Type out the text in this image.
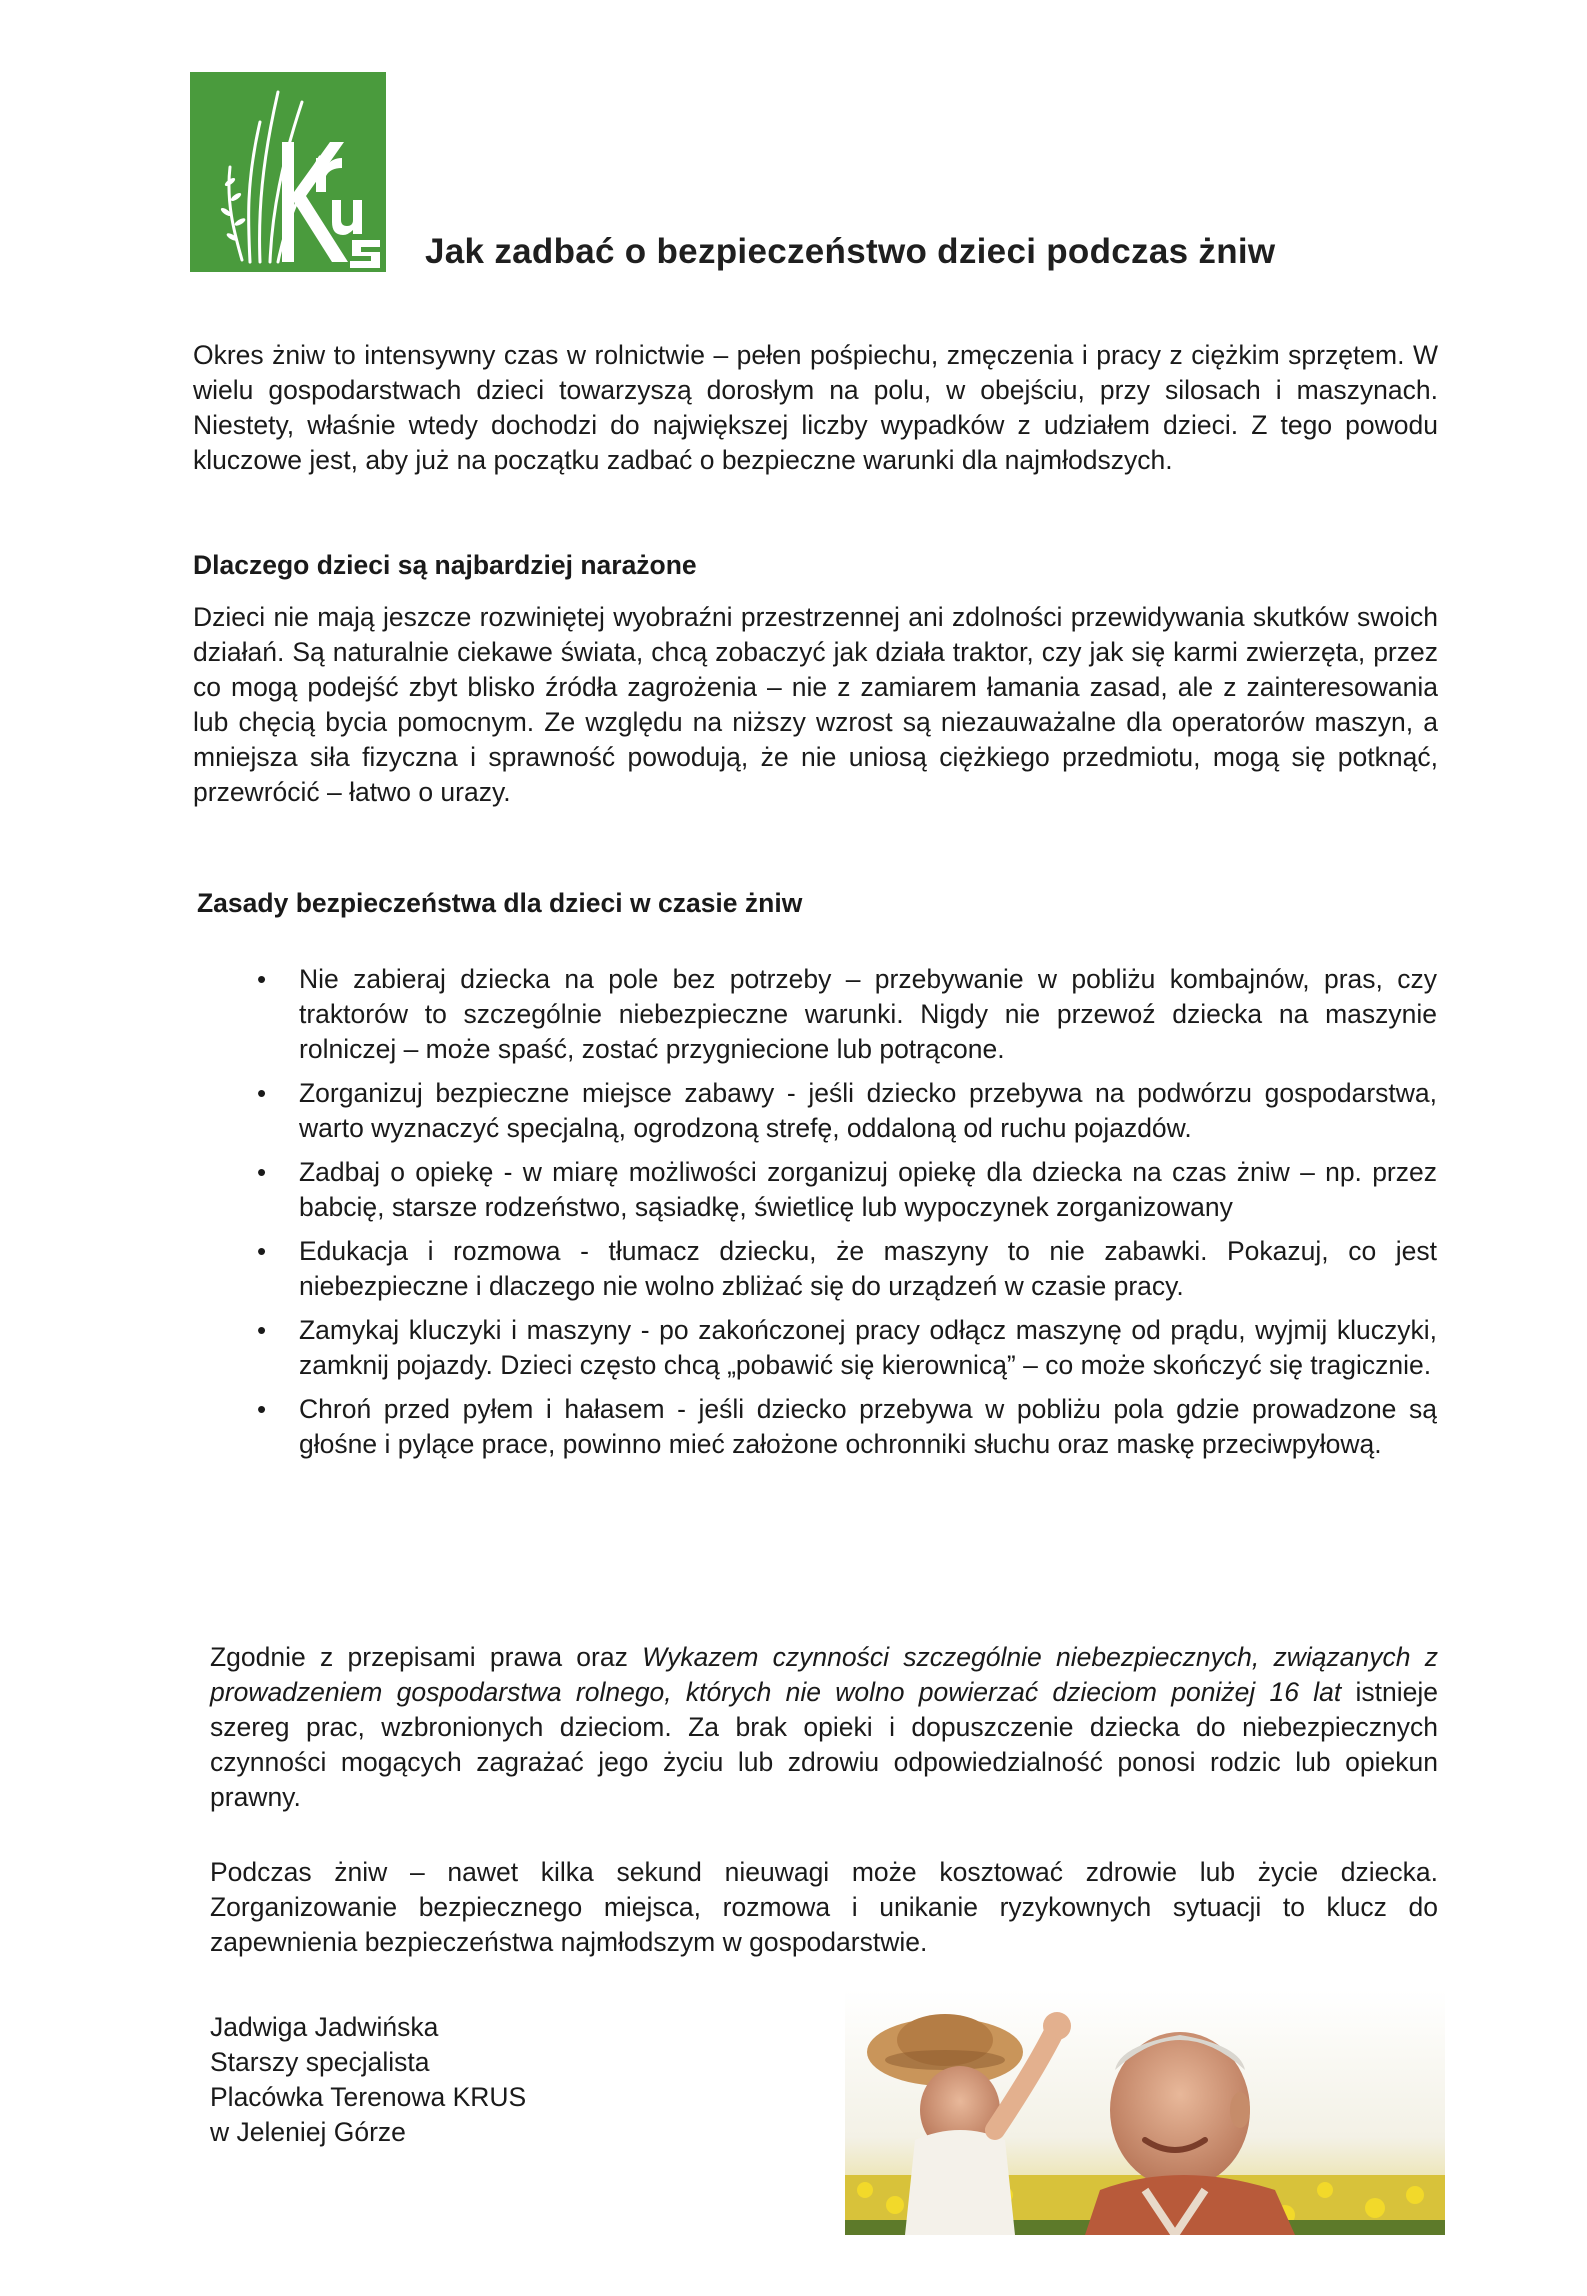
Jak zadbać o bezpieczeństwo dzieci podczas żniw

Okres żniw to intensywny czas w rolnictwie – pełen pośpiechu, zmęczenia i pracy z ciężkim sprzętem. W wielu gospodarstwach dzieci towarzyszą dorosłym na polu, w obejściu, przy silosach i maszynach. Niestety, właśnie wtedy dochodzi do największej liczby wypadków z udziałem dzieci. Z tego powodu kluczowe jest, aby już na początku zadbać o bezpieczne warunki dla najmłodszych.

Dlaczego dzieci są najbardziej narażone

Dzieci nie mają jeszcze rozwiniętej wyobraźni przestrzennej ani zdolności przewidywania skutków swoich działań. Są naturalnie ciekawe świata, chcą zobaczyć jak działa traktor, czy jak się karmi zwierzęta, przez co mogą podejść zbyt blisko źródła zagrożenia – nie z zamiarem łamania zasad, ale z zainteresowania lub chęcią bycia pomocnym. Ze względu na niższy wzrost są niezauważalne dla operatorów maszyn, a mniejsza siła fizyczna i sprawność powodują, że nie uniosą ciężkiego przedmiotu, mogą się potknąć, przewrócić – łatwo o urazy.

Zasady bezpieczeństwa dla dzieci w czasie żniw
• Nie zabieraj dziecka na pole bez potrzeby – przebywanie w pobliżu kombajnów, pras, czy traktorów to szczególnie niebezpieczne warunki. Nigdy nie przewoź dziecka na maszynie rolniczej – może spaść, zostać przygniecione lub potrącone.
• Zorganizuj bezpieczne miejsce zabawy - jeśli dziecko przebywa na podwórzu gospodarstwa, warto wyznaczyć specjalną, ogrodzoną strefę, oddaloną od ruchu pojazdów.
• Zadbaj o opiekę - w miarę możliwości zorganizuj opiekę dla dziecka na czas żniw – np. przez babcię, starsze rodzeństwo, sąsiadkę, świetlicę lub wypoczynek zorganizowany
• Edukacja i rozmowa - tłumacz dziecku, że maszyny to nie zabawki. Pokazuj, co jest niebezpieczne i dlaczego nie wolno zbliżać się do urządzeń w czasie pracy.
• Zamykaj kluczyki i maszyny - po zakończonej pracy odłącz maszynę od prądu, wyjmij kluczyki, zamknij pojazdy. Dzieci często chcą „pobawić się kierownicą” – co może skończyć się tragicznie.
• Chroń przed pyłem i hałasem - jeśli dziecko przebywa w pobliżu pola gdzie prowadzone są głośne i pylące prace, powinno mieć założone ochronniki słuchu oraz maskę przeciwpyłową.

Zgodnie z przepisami prawa oraz Wykazem czynności szczególnie niebezpiecznych, związanych z prowadzeniem gospodarstwa rolnego, których nie wolno powierzać dzieciom poniżej 16 lat istnieje szereg prac, wzbronionych dzieciom. Za brak opieki i dopuszczenie dziecka do niebezpiecznych czynności mogących zagrażać jego życiu lub zdrowiu odpowiedzialność ponosi rodzic lub opiekun prawny.

Podczas żniw – nawet kilka sekund nieuwagi może kosztować zdrowie lub życie dziecka. Zorganizowanie bezpiecznego miejsca, rozmowa i unikanie ryzykownych sytuacji to klucz do zapewnienia bezpieczeństwa najmłodszym w gospodarstwie.

Jadwiga Jadwińska
Starszy specjalista
Placówka Terenowa KRUS
w Jeleniej Górze
